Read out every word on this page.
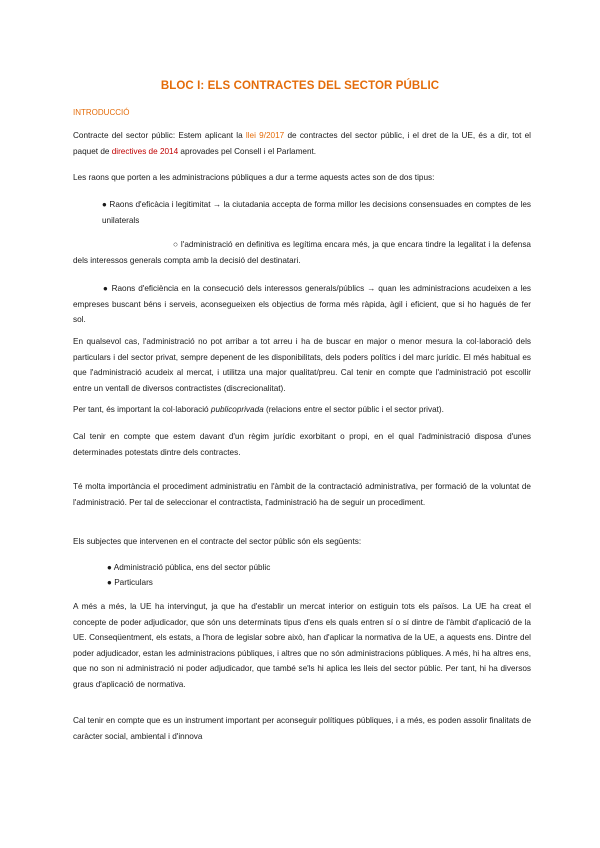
BLOC I: ELS CONTRACTES DEL SECTOR PÚBLIC
INTRODUCCIÓ

Contracte del sector públic: Estem aplicant la llei 9/2017 de contractes del sector públic, i el dret de la UE, és a dir, tot el paquet de directives de 2014 aprovades pel Consell i el Parlament.

Les raons que porten a les administracions públiques a dur a terme aquests actes son de dos tipus:

● Raons d'eficàcia i legitimitat → la ciutadania accepta de forma millor les decisions consensuades en comptes de les unilaterals

○ l'administració en definitiva es legítima encara més, ja que encara tindre la legalitat i la defensa dels interessos generals compta amb la decisió del destinatari.

● Raons d'eficiència en la consecució dels interessos generals/públics → quan les administracions acudeixen a les empreses buscant béns i serveis, aconsegueixen els objectius de forma més ràpida, àgil i eficient, que si ho hagués de fer sol.

En qualsevol cas, l'administració no pot arribar a tot arreu i ha de buscar en major o menor mesura la col·laboració dels particulars i del sector privat, sempre depenent de les disponibilitats, dels poders polítics i del marc jurídic. El més habitual es que l'administració acudeix al mercat, i utilitza una major qualitat/preu. Cal tenir en compte que l'administració pot escollir entre un ventall de diversos contractistes (discrecionalitat).

Per tant, és important la col·laboració publicoprivada (relacions entre el sector públic i el sector privat).

Cal tenir en compte que estem davant d'un règim jurídic exorbitant o propi, en el qual l'administració disposa d'unes determinades potestats dintre dels contractes.

Té molta importància el procediment administratiu en l'àmbit de la contractació administrativa, per formació de la voluntat de l'administració. Per tal de seleccionar el contractista, l'administració ha de seguir un procediment.

Els subjectes que intervenen en el contracte del sector públic són els següents:

● Administració pública, ens del sector públic

● Particulars

A més a més, la UE ha intervingut, ja que ha d'establir un mercat interior on estiguin tots els països. La UE ha creat el concepte de poder adjudicador, que són uns determinats tipus d'ens els quals entren sí o sí dintre de l'àmbit d'aplicació de la UE. Conseqüentment, els estats, a l'hora de legislar sobre això, han d'aplicar la normativa de la UE, a aquests ens. Dintre del poder adjudicador, estan les administracions públiques, i altres que no són administracions públiques. A més, hi ha altres ens, que no son ni administració ni poder adjudicador, que també se'ls hi aplica les lleis del sector públic. Per tant, hi ha diversos graus d'aplicació de normativa.

Cal tenir en compte que es un instrument important per aconseguir polítiques públiques, i a més, es poden assolir finalitats de caràcter social, ambiental i d'innova
